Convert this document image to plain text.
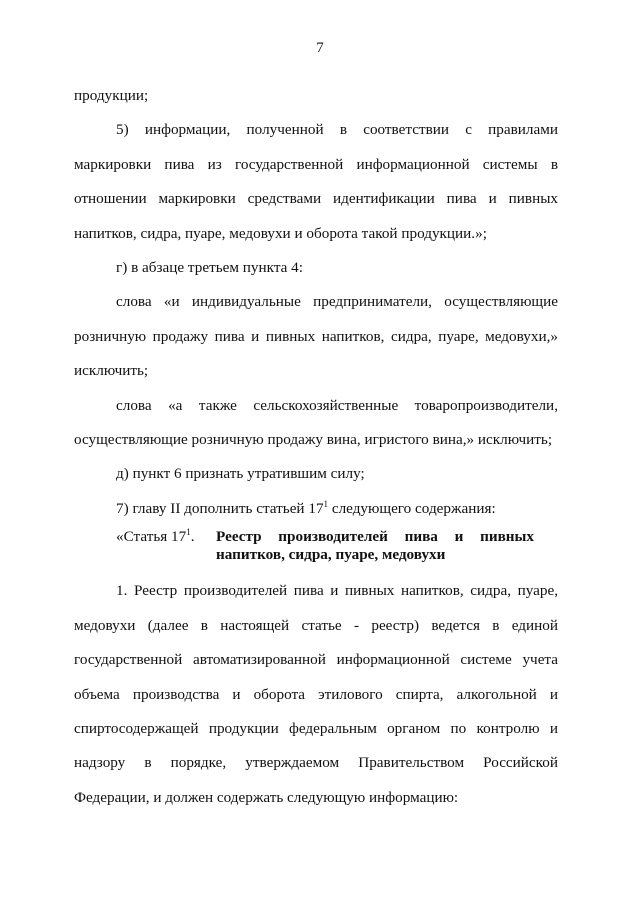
7

продукции;

5) информации, полученной в соответствии с правилами маркировки пива из государственной информационной системы в отношении маркировки средствами идентификации пива и пивных напитков, сидра, пуаре, медовухи и оборота такой продукции.»;

г) в абзаце третьем пункта 4:

слова «и индивидуальные предприниматели, осуществляющие розничную продажу пива и пивных напитков, сидра, пуаре, медовухи,» исключить;

слова «а также сельскохозяйственные товаропроизводители, осуществляющие розничную продажу вина, игристого вина,» исключить;

д) пункт 6 признать утратившим силу;

7) главу II дополнить статьей $17^1$ следующего содержания:

«Статья $17^1$.	Реестр производителей пива и пивных напитков, сидра, пуаре, медовухи

1. Реестр производителей пива и пивных напитков, сидра, пуаре, медовухи (далее в настоящей статье - реестр) ведется в единой государственной автоматизированной информационной системе учета объема производства и оборота этилового спирта, алкогольной и спиртосодержащей продукции федеральным органом по контролю и надзору в порядке, утверждаемом Правительством Российской Федерации, и должен содержать следующую информацию:
